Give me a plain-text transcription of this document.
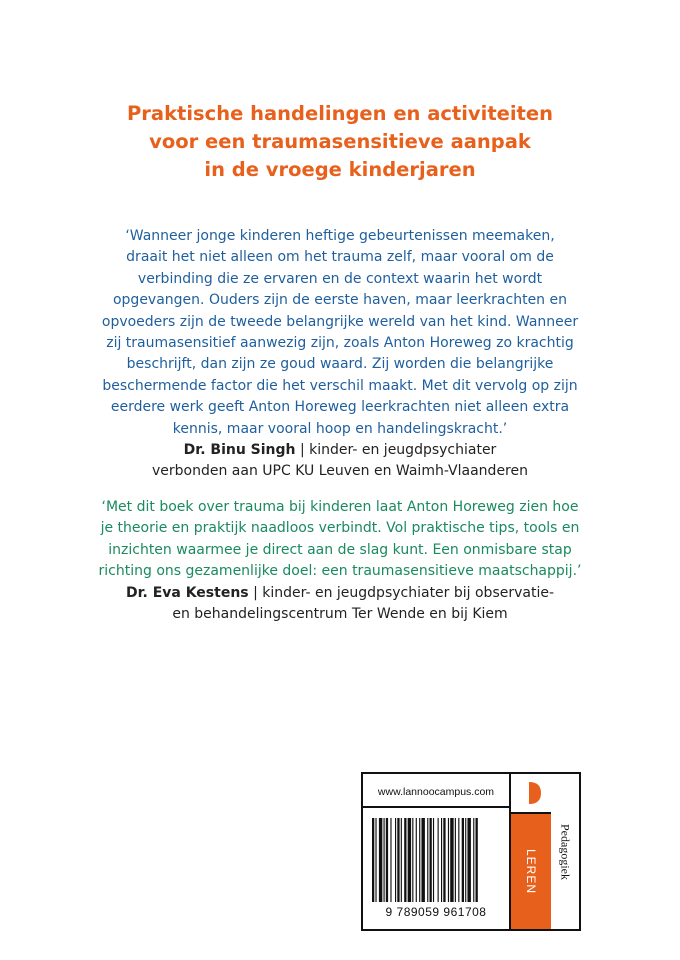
Praktische handelingen en activiteiten
voor een traumasensitieve aanpak
in de vroege kinderjaren
‘Wanneer jonge kinderen heftige gebeurtenissen meemaken,
draait het niet alleen om het trauma zelf, maar vooral om de
verbinding die ze ervaren en de context waarin het wordt
opgevangen. Ouders zijn de eerste haven, maar leerkrachten en
opvoeders zijn de tweede belangrijke wereld van het kind. Wanneer
zij traumasensitief aanwezig zijn, zoals Anton Horeweg zo krachtig
beschrijft, dan zijn ze goud waard. Zij worden die belangrijke
beschermende factor die het verschil maakt. Met dit vervolg op zijn
eerdere werk geeft Anton Horeweg leerkrachten niet alleen extra
kennis, maar vooral hoop en handelingskracht.’
Dr. Binu Singh | kinder- en jeugdpsychiater
verbonden aan UPC KU Leuven en Waimh-Vlaanderen
‘Met dit boek over trauma bij kinderen laat Anton Horeweg zien hoe
je theorie en praktijk naadloos verbindt. Vol praktische tips, tools en
inzichten waarmee je direct aan de slag kunt. Een onmisbare stap
richting ons gezamenlijke doel: een traumasensitieve maatschappij.’
Dr. Eva Kestens | kinder- en jeugdpsychiater bij observatie-
en behandelingscentrum Ter Wende en bij Kiem
www.lannoocampus.com
9 789059 961708
LEREN Pedagogiek
